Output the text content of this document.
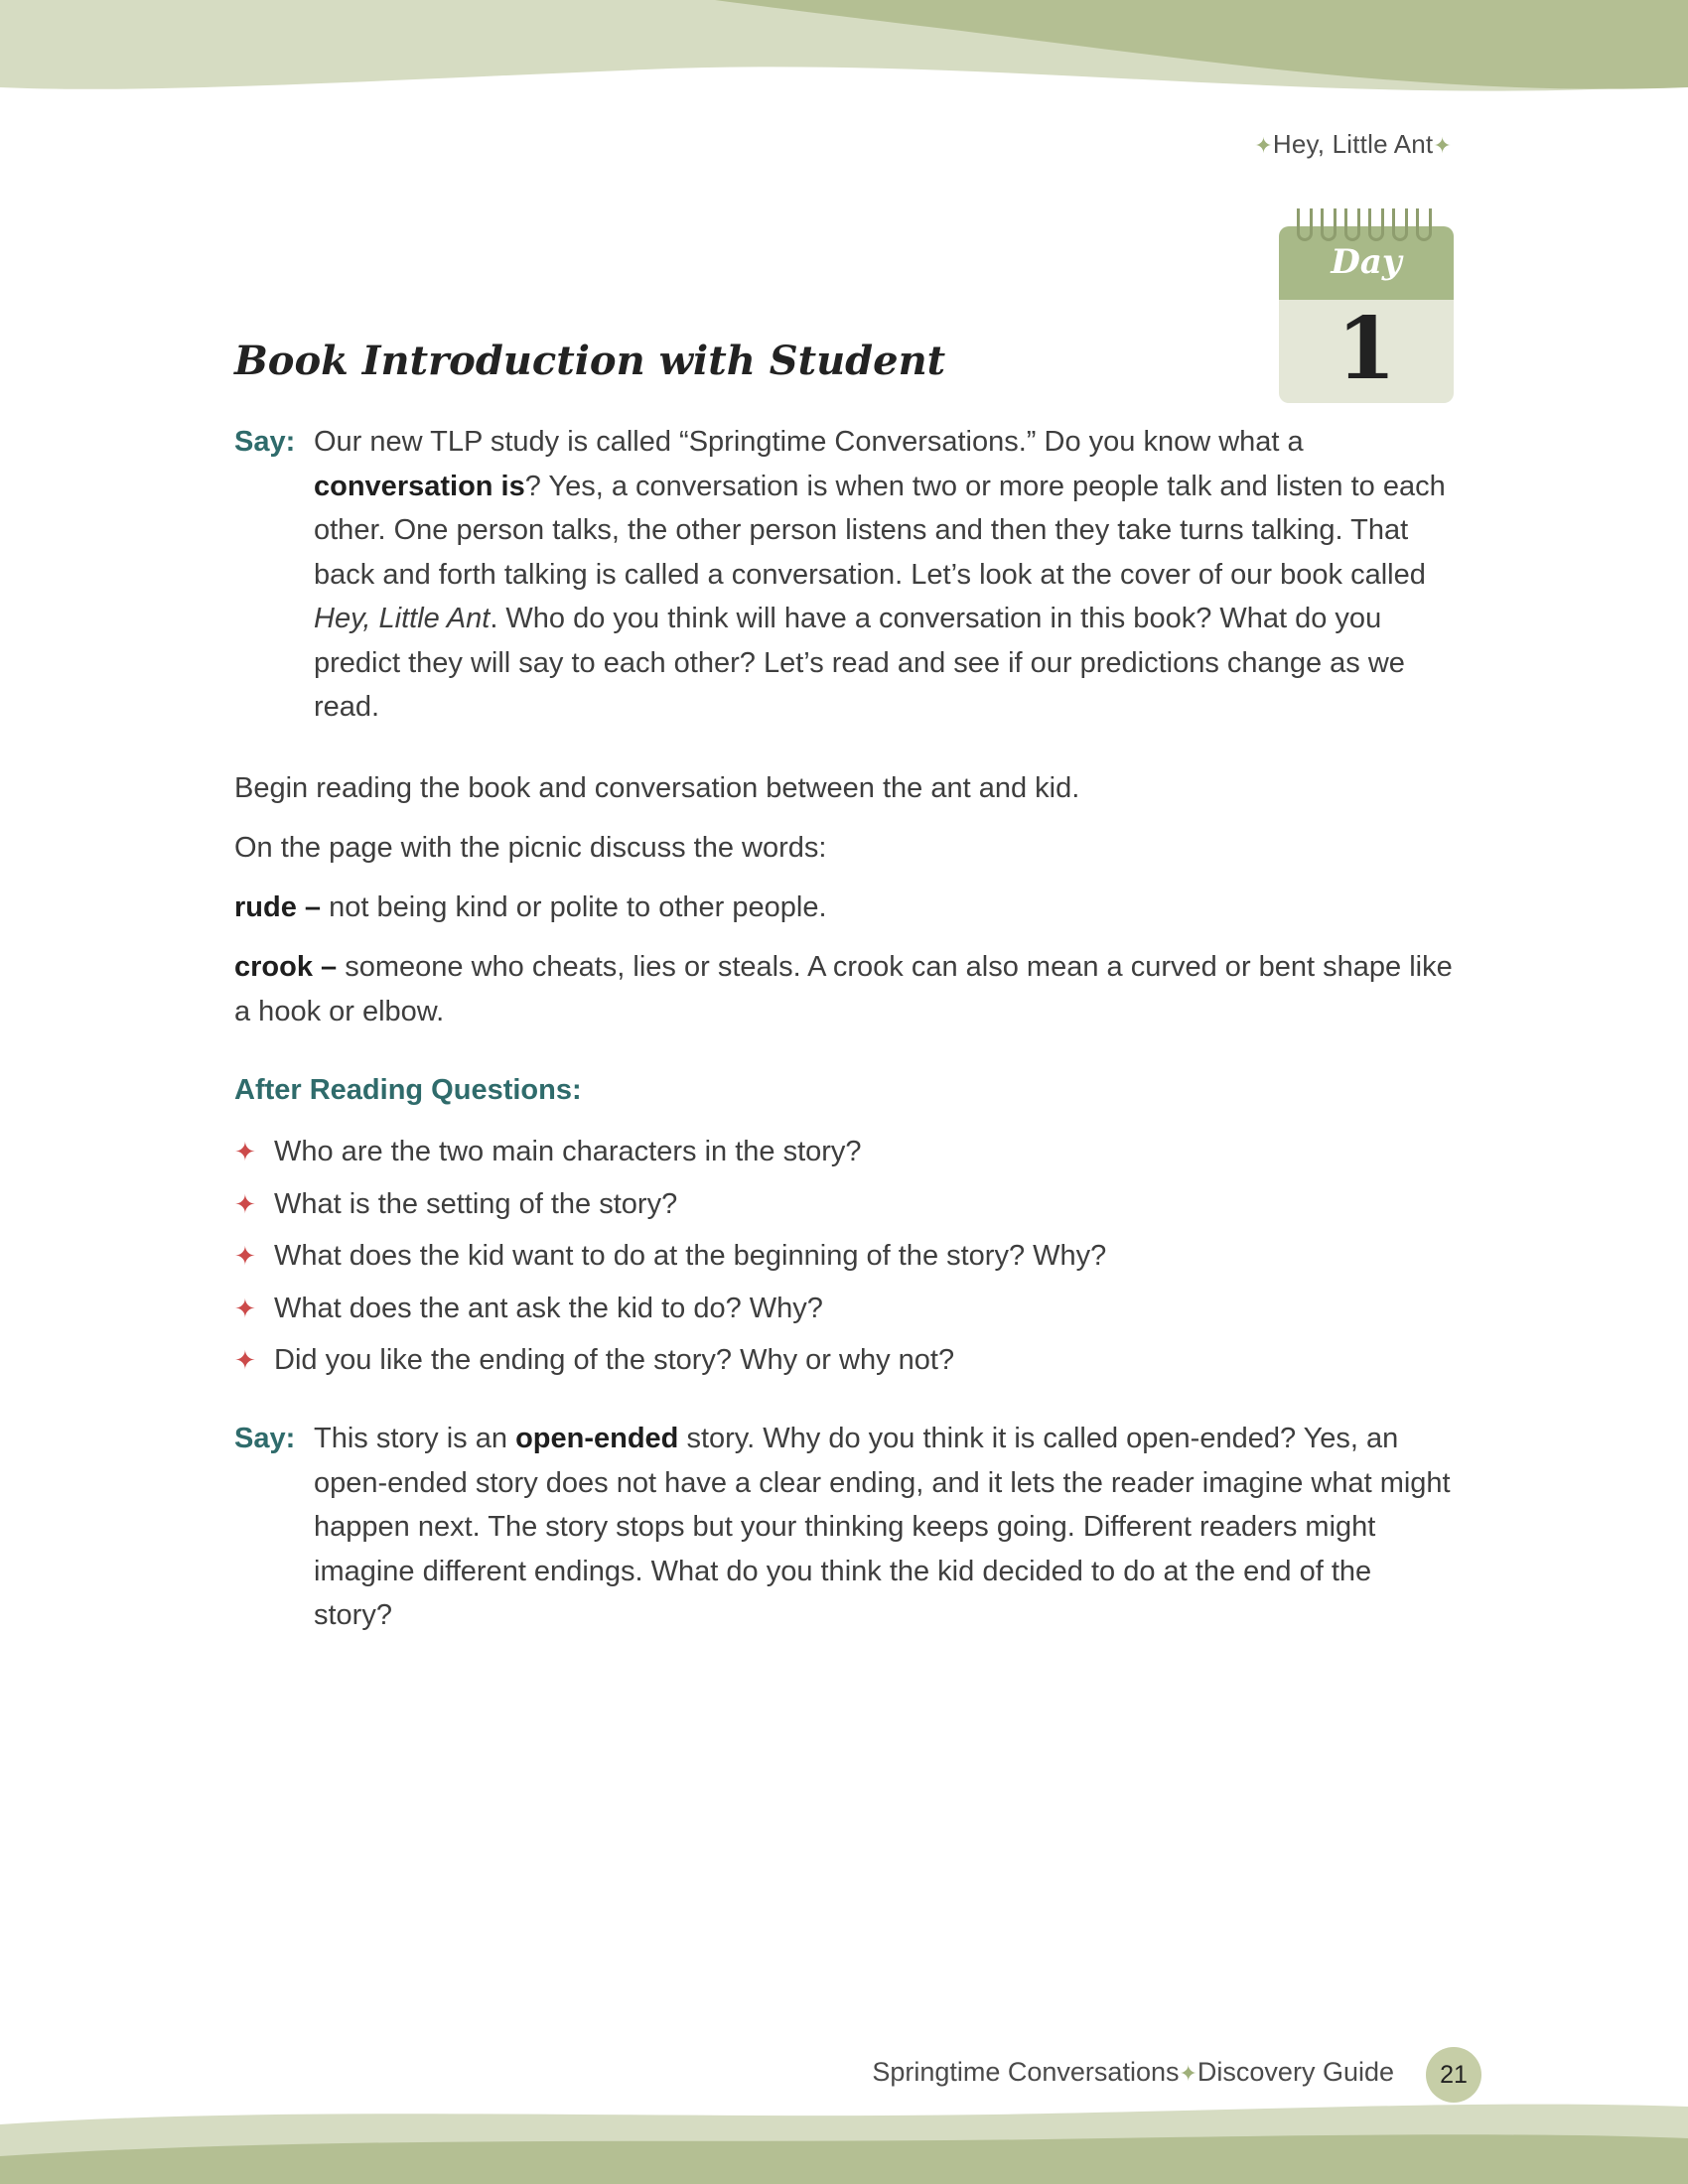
✦Hey, Little Ant✦
Day
1
Book Introduction with Student
Say: Our new TLP study is called “Springtime Conversations.” Do you know what a conversation is? Yes, a conversation is when two or more people talk and listen to each other. One person talks, the other person listens and then they take turns talking. That back and forth talking is called a conversation. Let’s look at the cover of our book called Hey, Little Ant. Who do you think will have a conversation in this book? What do you predict they will say to each other? Let’s read and see if our predictions change as we read.

Begin reading the book and conversation between the ant and kid.

On the page with the picnic discuss the words:

rude – not being kind or polite to other people.

crook – someone who cheats, lies or steals. A crook can also mean a curved or bent shape like a hook or elbow.

After Reading Questions:
✦ Who are the two main characters in the story?
✦ What is the setting of the story?
✦ What does the kid want to do at the beginning of the story? Why?
✦ What does the ant ask the kid to do? Why?
✦ Did you like the ending of the story? Why or why not?
Say: This story is an open-ended story. Why do you think it is called open-ended? Yes, an open-ended story does not have a clear ending, and it lets the reader imagine what might happen next. The story stops but your thinking keeps going. Different readers might imagine different endings. What do you think the kid decided to do at the end of the story?
Springtime Conversations✦Discovery Guide	21
